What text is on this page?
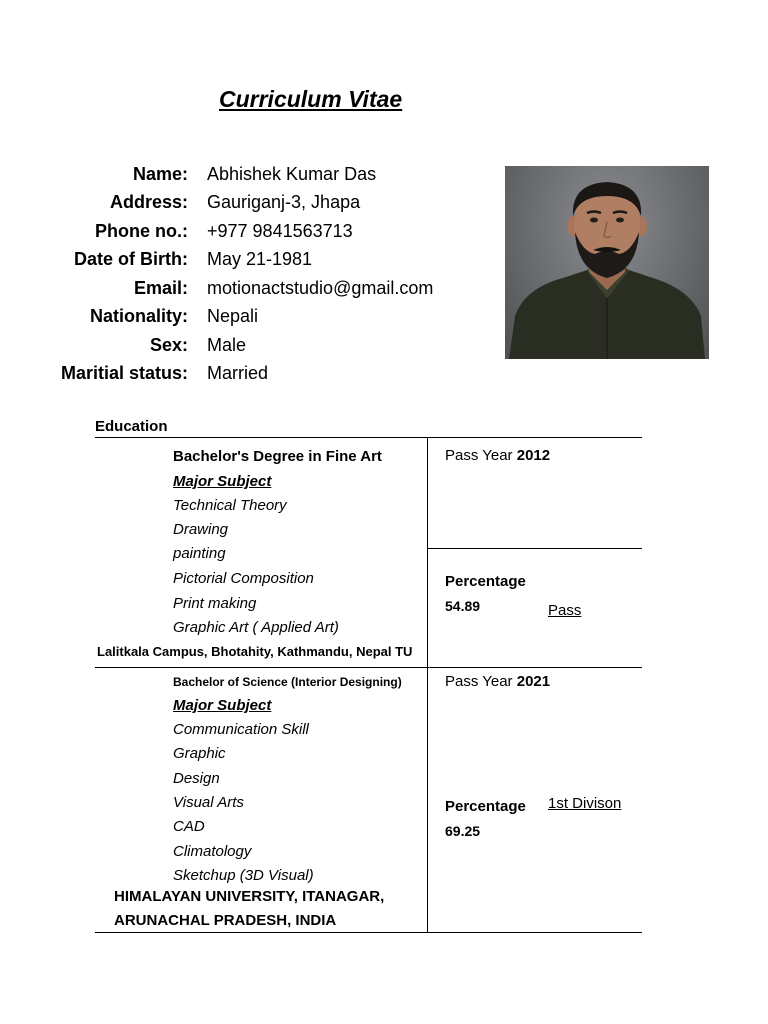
Curriculum Vitae
Name: Abhishek Kumar Das
Address: Gauriganj-3, Jhapa
Phone no.: +977 9841563713
Date of Birth: May 21-1981
Email: motionactstudio@gmail.com
Nationality: Nepali
Sex: Male
Maritial status: Married
Education
Bachelor's Degree in Fine Art
Major Subject
Technical Theory
Drawing
painting
Pictorial Composition
Print making
Graphic Art ( Applied Art)
Lalitkala Campus, Bhotahity, Kathmandu, Nepal TU
Pass Year 2012
Percentage
54.89	Pass
Bachelor of Science (Interior Designing)
Major Subject
Communication Skill
Graphic
Design
Visual Arts
CAD
Climatology
Sketchup (3D Visual)
HIMALAYAN UNIVERSITY, ITANAGAR,
ARUNACHAL PRADESH, INDIA
Pass Year 2021
Percentage 1st Divison
69.25
